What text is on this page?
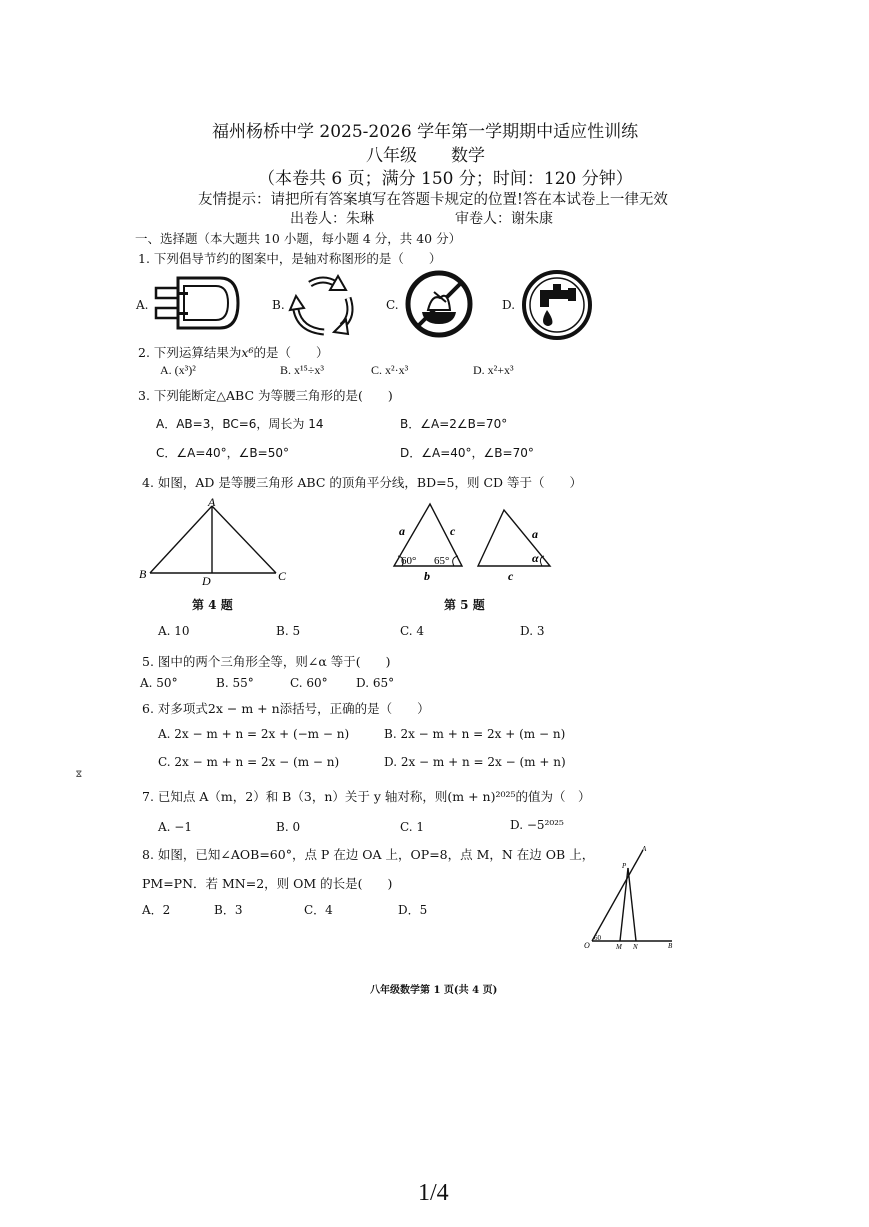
福州杨桥中学 2025-2026 学年第一学期期中适应性训练
八年级　　数学
（本卷共 6 页；满分 150 分；时间：120 分钟）
友情提示：请把所有答案填写在答题卡规定的位置!答在本试卷上一律无效
出卷人：朱琳	审卷人：谢朱康
一、选择题（本大题共 10 小题，每小题 4 分，共 40 分）
1. 下列倡导节约的图案中，是轴对称图形的是（　　）
A.	B.	C.	D.
2. 下列运算结果为x⁶的是（　　）
A. (x³)²	B. x¹⁵÷x³	C. x²·x³	D. x²+x³
3. 下列能断定△ABC 为等腰三角形的是(　　)
A．AB=3，BC=6，周长为 14	B．∠A=2∠B=70°
C．∠A=40°，∠B=50°	D．∠A=40°，∠B=70°
4. 如图，AD 是等腰三角形 ABC 的顶角平分线，BD=5，则 CD 等于（　　）
A
B	C
D
第 4 题
a	c
60° 65°
b
a
α
c
第 5 题
A. 10	B. 5	C. 4	D. 3
5. 图中的两个三角形全等，则∠α 等于(　　)
A. 50°	B. 55°	C. 60° D. 65°
6. 对多项式2x − m + n添括号，正确的是（　　）
A. 2x − m + n = 2x + (−m − n)	B. 2x − m + n = 2x + (m − n)
C. 2x − m + n = 2x − (m − n)	D. 2x − m + n = 2x − (m + n)
ⴵ
7. 已知点 A（m，2）和 B（3，n）关于 y 轴对称，则(m + n)²⁰²⁵的值为（　）
A. −1	B. 0	C. 1	D. −5²⁰²⁵
8. 如图，已知∠AOB=60°，点 P 在边 OA 上，OP=8，点 M，N 在边 OB 上，
PM=PN．若 MN=2，则 OM 的长是(　　)
A．2	B．3	C．4	D．5
O
60
M N	B
P
A
八年级数学第 1 页(共 4 页)
1/4
